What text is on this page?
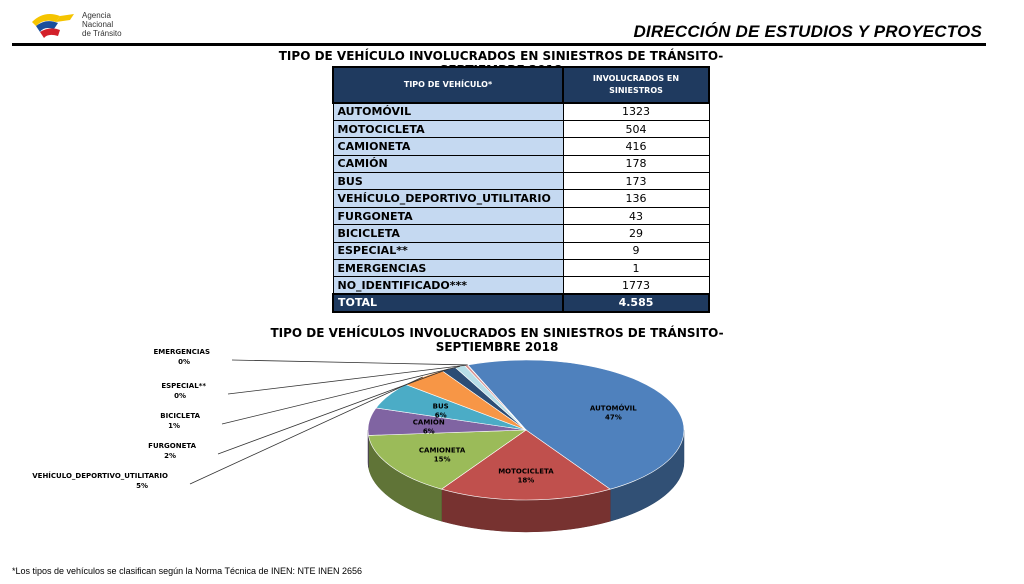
Agencia
Nacional
de Tránsito	DIRECCIÓN DE ESTUDIOS Y PROYECTOS
TIPO DE VEHÍCULO INVOLUCRADOS EN SINIESTROS DE TRÁNSITO-
TIPO DE VEHÍCULO*	INVOLUCRADOS EN SINIESTROS
AUTOMÓVIL	1323
MOTOCICLETA	504
CAMIONETA	416
CAMIÓN	178
BUS	173
VEHÍCULO_DEPORTIVO_UTILITARIO	136
FURGONETA	43
BICICLETA	29
ESPECIAL**	9
EMERGENCIAS	1
NO_IDENTIFICADO***	1773
TOTAL	4.585
TIPO DE VEHÍCULOS INVOLUCRADOS EN SINIESTROS DE TRÁNSITO- SEPTIEMBRE 2018
AUTOMÓVIL
47%
MOTOCICLETA
18%
CAMIONETA
15%
CAMIÓN
6%
BUS
6%
VEHÍCULO_DEPORTIVO_UTILITARIO
5%
FURGONETA
2%
BICICLETA
1%
ESPECIAL**
0%
EMERGENCIAS
0%
*Los tipos de vehículos se clasifican según la Norma Técnica de INEN: NTE INEN 2656
